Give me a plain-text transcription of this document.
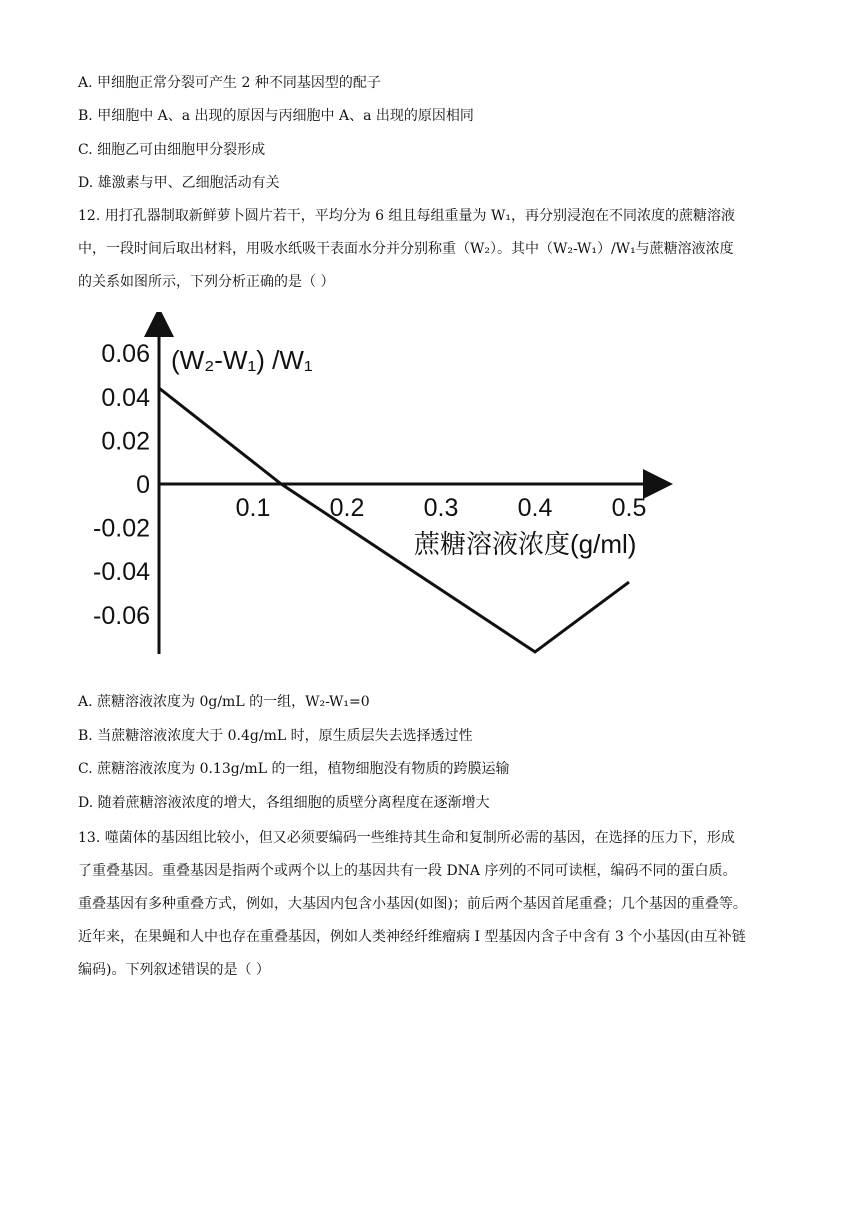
A. 甲细胞正常分裂可产生 2 种不同基因型的配子
B. 甲细胞中 A、a 出现的原因与丙细胞中 A、a 出现的原因相同
C. 细胞乙可由细胞甲分裂形成
D. 雄激素与甲、乙细胞活动有关
12. 用打孔器制取新鲜萝卜圆片若干，平均分为 6 组且每组重量为 W₁，再分别浸泡在不同浓度的蔗糖溶液
中，一段时间后取出材料，用吸水纸吸干表面水分并分别称重（W₂）。其中（W₂-W₁）/W₁与蔗糖溶液浓度
的关系如图所示，下列分析正确的是（ ）
(W₂-W₁) /W₁
蔗糖溶液浓度(g/ml)
0.06
0.04
0.02
0
-0.02
-0.04
-0.06
0.1 0.2 0.3 0.4 0.5
A. 蔗糖溶液浓度为 0g/mL 的一组，W₂-W₁=0
B. 当蔗糖溶液浓度大于 0.4g/mL 时，原生质层失去选择透过性
C. 蔗糖溶液浓度为 0.13g/mL 的一组，植物细胞没有物质的跨膜运输
D. 随着蔗糖溶液浓度的增大，各组细胞的质壁分离程度在逐渐增大
13. 噬菌体的基因组比较小，但又必须要编码一些维持其生命和复制所必需的基因，在选择的压力下，形成
了重叠基因。重叠基因是指两个或两个以上的基因共有一段 DNA 序列的不同可读框，编码不同的蛋白质。
重叠基因有多种重叠方式，例如，大基因内包含小基因(如图)；前后两个基因首尾重叠；几个基因的重叠等。
近年来，在果蝇和人中也存在重叠基因，例如人类神经纤维瘤病 I 型基因内含子中含有 3 个小基因(由互补链
编码)。下列叙述错误的是（ ）
